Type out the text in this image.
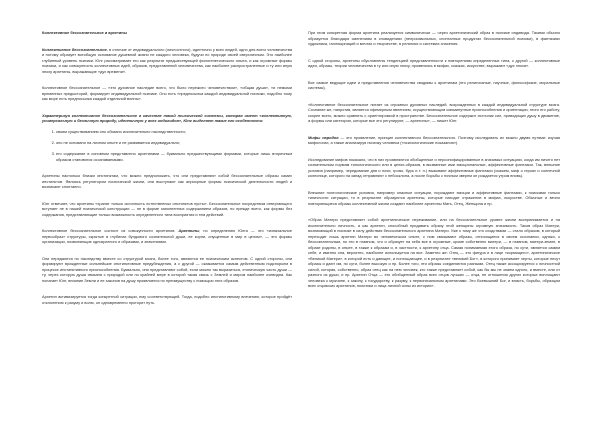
Коллективное бессознательное и архетипы

Коллективное бессознательное, в отличие от индивидуального (личностного), идентично у всех людей, одно для всего человечества и потому образует всеобщую основание душевной жизни не каждого человека, будучи по природе своей сверхличным. Это наиболее глубинный уровень психики. Юнг рассматривает его как результат предшествующей филогенетического опыта, и как огромные формы психики, и как совокупность коллективных идей, образов, представлений человечества, как наиболее распространенные и ту или иную эпоху архетипы, выражающие «дух времени».

Коллективное бессознательное — «это духовное наследие всего, что было пережито человечеством», «общая душа», «и немыми временных предысторий, формирует индивидуальной психике. Оно есть «предпосылка каждой индивидуальной психики, подобно тому как море есть предпосылка каждой отдельной волны».

Характеризуя коллективное бессознательное в качестве такой психической системы, которая имеет «коллективную, универсальную и безличную природу, идентичную у всех индивидов», Юнг выделяет такие его особенности:

1. своим существованием оно обязано исключительно наследственности;
2. оно не основано на личном опыте и не развивается индивидуально;
3. его содержание в основном представлено архетипами — буквально предшествующими формами, которые лишь вторичным образом становятся осознаваемыми.

Архетипы настолько близки инстинктам, что можно предположить, что они представляют собой бессознательные образы самих инстинктов. Являясь регулятором психической жизни, они выступают как априорные формы психической деятельности людей и возникают спонтанно.

Юнг отмечает, что архетипы «хранят только склонность естественных инстинктов пусты». Бессознательное посредством отвергающего вступает не в нашей психической конструкции — не в форме заполненных содержанием образов, но прежде всего, как формы без содержания, представляющие только возможность определенного типа восприятия и тем действий.

Коллективное бессознательное состоит из совокупности архетипов. Архетипы, по определению Юнга — это «изначальное первообраз» структуры, скрытые в глубинах бундового сознательной души, ее корни, опущенные в мир в целом», — это формы организации, позволяющие однократного и образами, и значениями.

Они передаются по наследству вместе со структурой мозга, более того, являются ее психическим аспектом. С одной стороны, они формируют врожденные сильнейшие инстинктивные предубеждения, а с другой — оказывается самым действенным подспорьем в процессе инстинктивного приспособления. Буквально, они представляют собой, если можно так выразиться, хтоническую часть души — ту, через которую душа связана с природой или по крайней мере в которой такая связь с Землей и миром наиболее очевидна. Как полагает Юнг, влияние Земли и ее законов на душу проявляется по преимуществу с помощью этих образов.

Архетип активизируется тогда конкретной ситуации, ему соответствующей. Тогда, подобно инстинктивному влечению, которое пройдёт отклонению к разуму и волю, он одновременно проторит путь.

При этом конкретная форма архетипа реализуется символически — через архетипический образ в психике индивида. Такими обычно образуется благодаря сменениям в сновидениях (непроизвольных, спонтанных продуктах бессознательной психики), в фантазиях художника, галлюцинаций и мечтах и творчестве, в религиях и системах спасения.

С одной стороны, архетипы обусловлены тенденцией представленности к повторениям определенных типа, с другой — коллективные идеи, образы, теории человечества в ту или иную эпоху, проявляясь в мифах, сказках, искусстве, выражают «дух эпохи».

Все самые ведущие идеи и представления человечества сводимы к архетипам (это религиозные, научные, философские, моральные системы).

«Коллективное бессознательное питает из огромных духовных наследий, возрожденных в каждой индивидуальной структуре мозга. Сознание же, напротив, является эфемерным явлением, осуществляющим сиюминутные приспособления и ориентации, этого его работу, скорее всего, можно сравнить с ориентировкой в пространстве. Бессознательное содержит источник сил, приводящих душу в движение, а формы или категории, которые все это регулируют, — архетипы», — пишет Юнг.

Мифы народов — это проявление, принцип коллективного бессознательного. Поэтому исследовать их можно двумя путями: изучая мифологии, а также анализируя психику человека («психологические показания»).

Исследование мифов показало, что в них проявляются обобщенные и персонифицированные в значимых ситуациях, когда им ничего нет сознательным нормам типологического или в целях-образов, в вызванные ими эмоциональные, аффективные фантазии. Так, внешние условия (например, чередование дня и ночи, грозы, бурь и т. п.) вызывают аффективные фантазии (скажем, миф о героях и солнечной колеснице, которого на запад отправляют с небосклона, а после борьбы с ночным зверем он рождается утром вновь).

Внешние поэтологические условия, например опасные ситуации, порождают эмоции и аффективные фантазии, к поисками только типичности ситуации, то в результате образуются архетипы, которые находят отражение в мифах, искусстве. Обычные и вечно повторяющиеся образы коллективной жизни создают наиболее архетипы Мать, Отец, Женщина и пр.

«Образ Матери представляет собой архетипическое переживание, или на бессознательное уровне жизни воспринимается и на исключительно личность, а как архетип, способный придавать образу этой женщины огромную значимость. Таков образ Матери, возникающий в психике в силу действия бессознательного архетипа Матери. Уже к тому же что сходствами — стало образом, в который переходит лишь архетип Матери во человеческом опыте, с ним связывают образы, относящиеся в своем осознании, однако, к бессознательным, но это в главном, что и образует на себя все в огромные, кроме собственно матери, — в главном, матери-земле, в образе родины, в опыте, в также к образам и, в частности, к архетипу отца. Самая понимаемая этого образа, по сути, является самим себе, и именно она, вероятно, наиболее используется на все. Заметно же: Отец — это фигура и в лице «кормящего», архетипическое «Великой Матери», в которой есть и дающее, и поглощающее, и в результате «великий Бог», в которого принимает черты, которые несут образы и дают им, по сути, более высокую и пр. Более того, эти образы соединяются разными. Отец также ассоциируется с личностной силой, которая, собственно, образ отец как на нею человек, кто также представляет собой, как бы мы не знаем одного, и вместе, или от разного из души, и пр. Архетип Отца — это обобщенный образ всех отцов лучших — отца, не отношения других которые воплощают человека к мужчине, к закону, к государству, к разуму, к первоначальным архетипами. Это Всевышний Бог, и власть, борьбы, образцом всех отцовских архетипов, политики и лица личной силы из истории».
